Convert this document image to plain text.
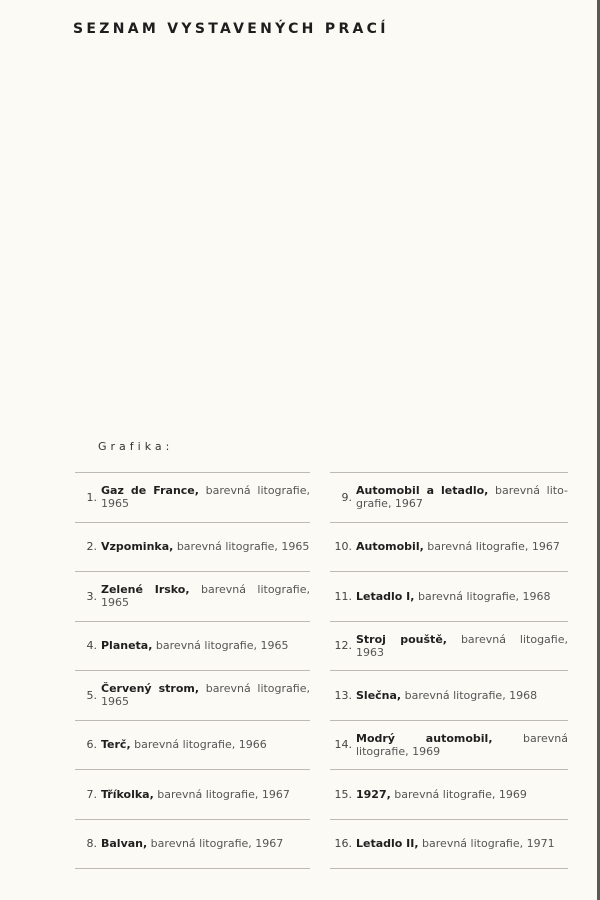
SEZNAM VYSTAVENÝCH PRACÍ
Grafika:
1. Gaz de France, barevná litografie, 1965
2. Vzpominka, barevná litografie, 1965
3. Zelené Irsko, barevná litografie, 1965
4. Planeta, barevná litografie, 1965
5. Červený strom, barevná litografie, 1965
6. Terč, barevná litografie, 1966
7. Tříkolka, barevná litografie, 1967
8. Balvan, barevná litografie, 1967
9. Automobil a letadlo, barevná lito-grafie, 1967
10. Automobil, barevná litografie, 1967
11. Letadlo I, barevná litografie, 1968
12. Stroj pouště, barevná litogafie, 1963
13. Slečna, barevná litografie, 1968
14. Modrý automobil, barevná litografie, 1969
15. 1927, barevná litografie, 1969
16. Letadlo II, barevná litografie, 1971
